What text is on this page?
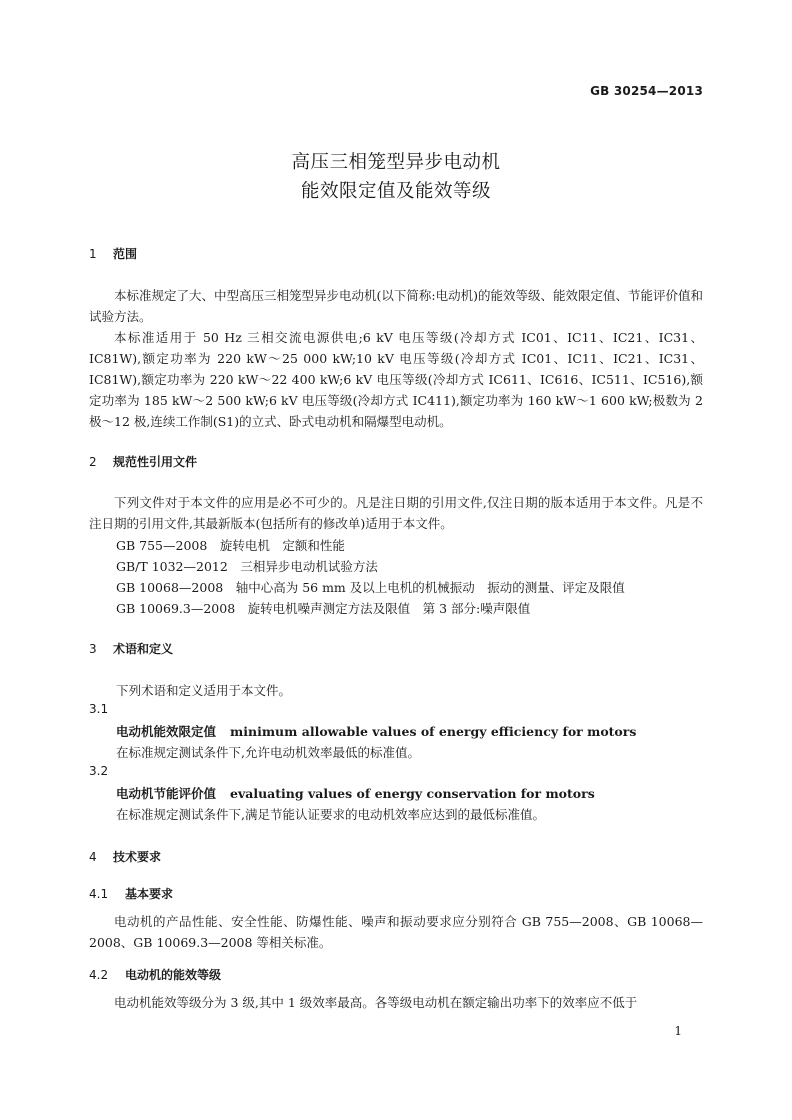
GB 30254—2013
高压三相笼型异步电动机
能效限定值及能效等级
1 范围

本标准规定了大、中型高压三相笼型异步电动机(以下简称:电动机)的能效等级、能效限定值、节能评价值和试验方法。

本标准适用于 50 Hz 三相交流电源供电;6 kV 电压等级(冷却方式 IC01、IC11、IC21、IC31、IC81W),额定功率为 220 kW～25 000 kW;10 kV 电压等级(冷却方式 IC01、IC11、IC21、IC31、IC81W),额定功率为 220 kW～22 400 kW;6 kV 电压等级(冷却方式 IC611、IC616、IC511、IC516),额定功率为 185 kW～2 500 kW;6 kV 电压等级(冷却方式 IC411),额定功率为 160 kW～1 600 kW;极数为 2 极～12 极,连续工作制(S1)的立式、卧式电动机和隔爆型电动机。

2 规范性引用文件

下列文件对于本文件的应用是必不可少的。凡是注日期的引用文件,仅注日期的版本适用于本文件。凡是不注日期的引用文件,其最新版本(包括所有的修改单)适用于本文件。

GB 755—2008　旋转电机　定额和性能
GB/T 1032—2012　三相异步电动机试验方法
GB 10068—2008　轴中心高为 56 mm 及以上电机的机械振动　振动的测量、评定及限值
GB 10069.3—2008　旋转电机噪声测定方法及限值　第 3 部分:噪声限值
3 术语和定义
下列术语和定义适用于本文件。
3.1
电动机能效限定值 minimum allowable values of energy efficiency for motors
在标准规定测试条件下,允许电动机效率最低的标准值。
3.2
电动机节能评价值 evaluating values of energy conservation for motors
在标准规定测试条件下,满足节能认证要求的电动机效率应达到的最低标准值。
4 技术要求
4.1 基本要求

电动机的产品性能、安全性能、防爆性能、噪声和振动要求应分别符合 GB 755—2008、GB 10068—2008、GB 10069.3—2008 等相关标准。

4.2 电动机的能效等级

电动机能效等级分为 3 级,其中 1 级效率最高。各等级电动机在额定输出功率下的效率应不低于

1
